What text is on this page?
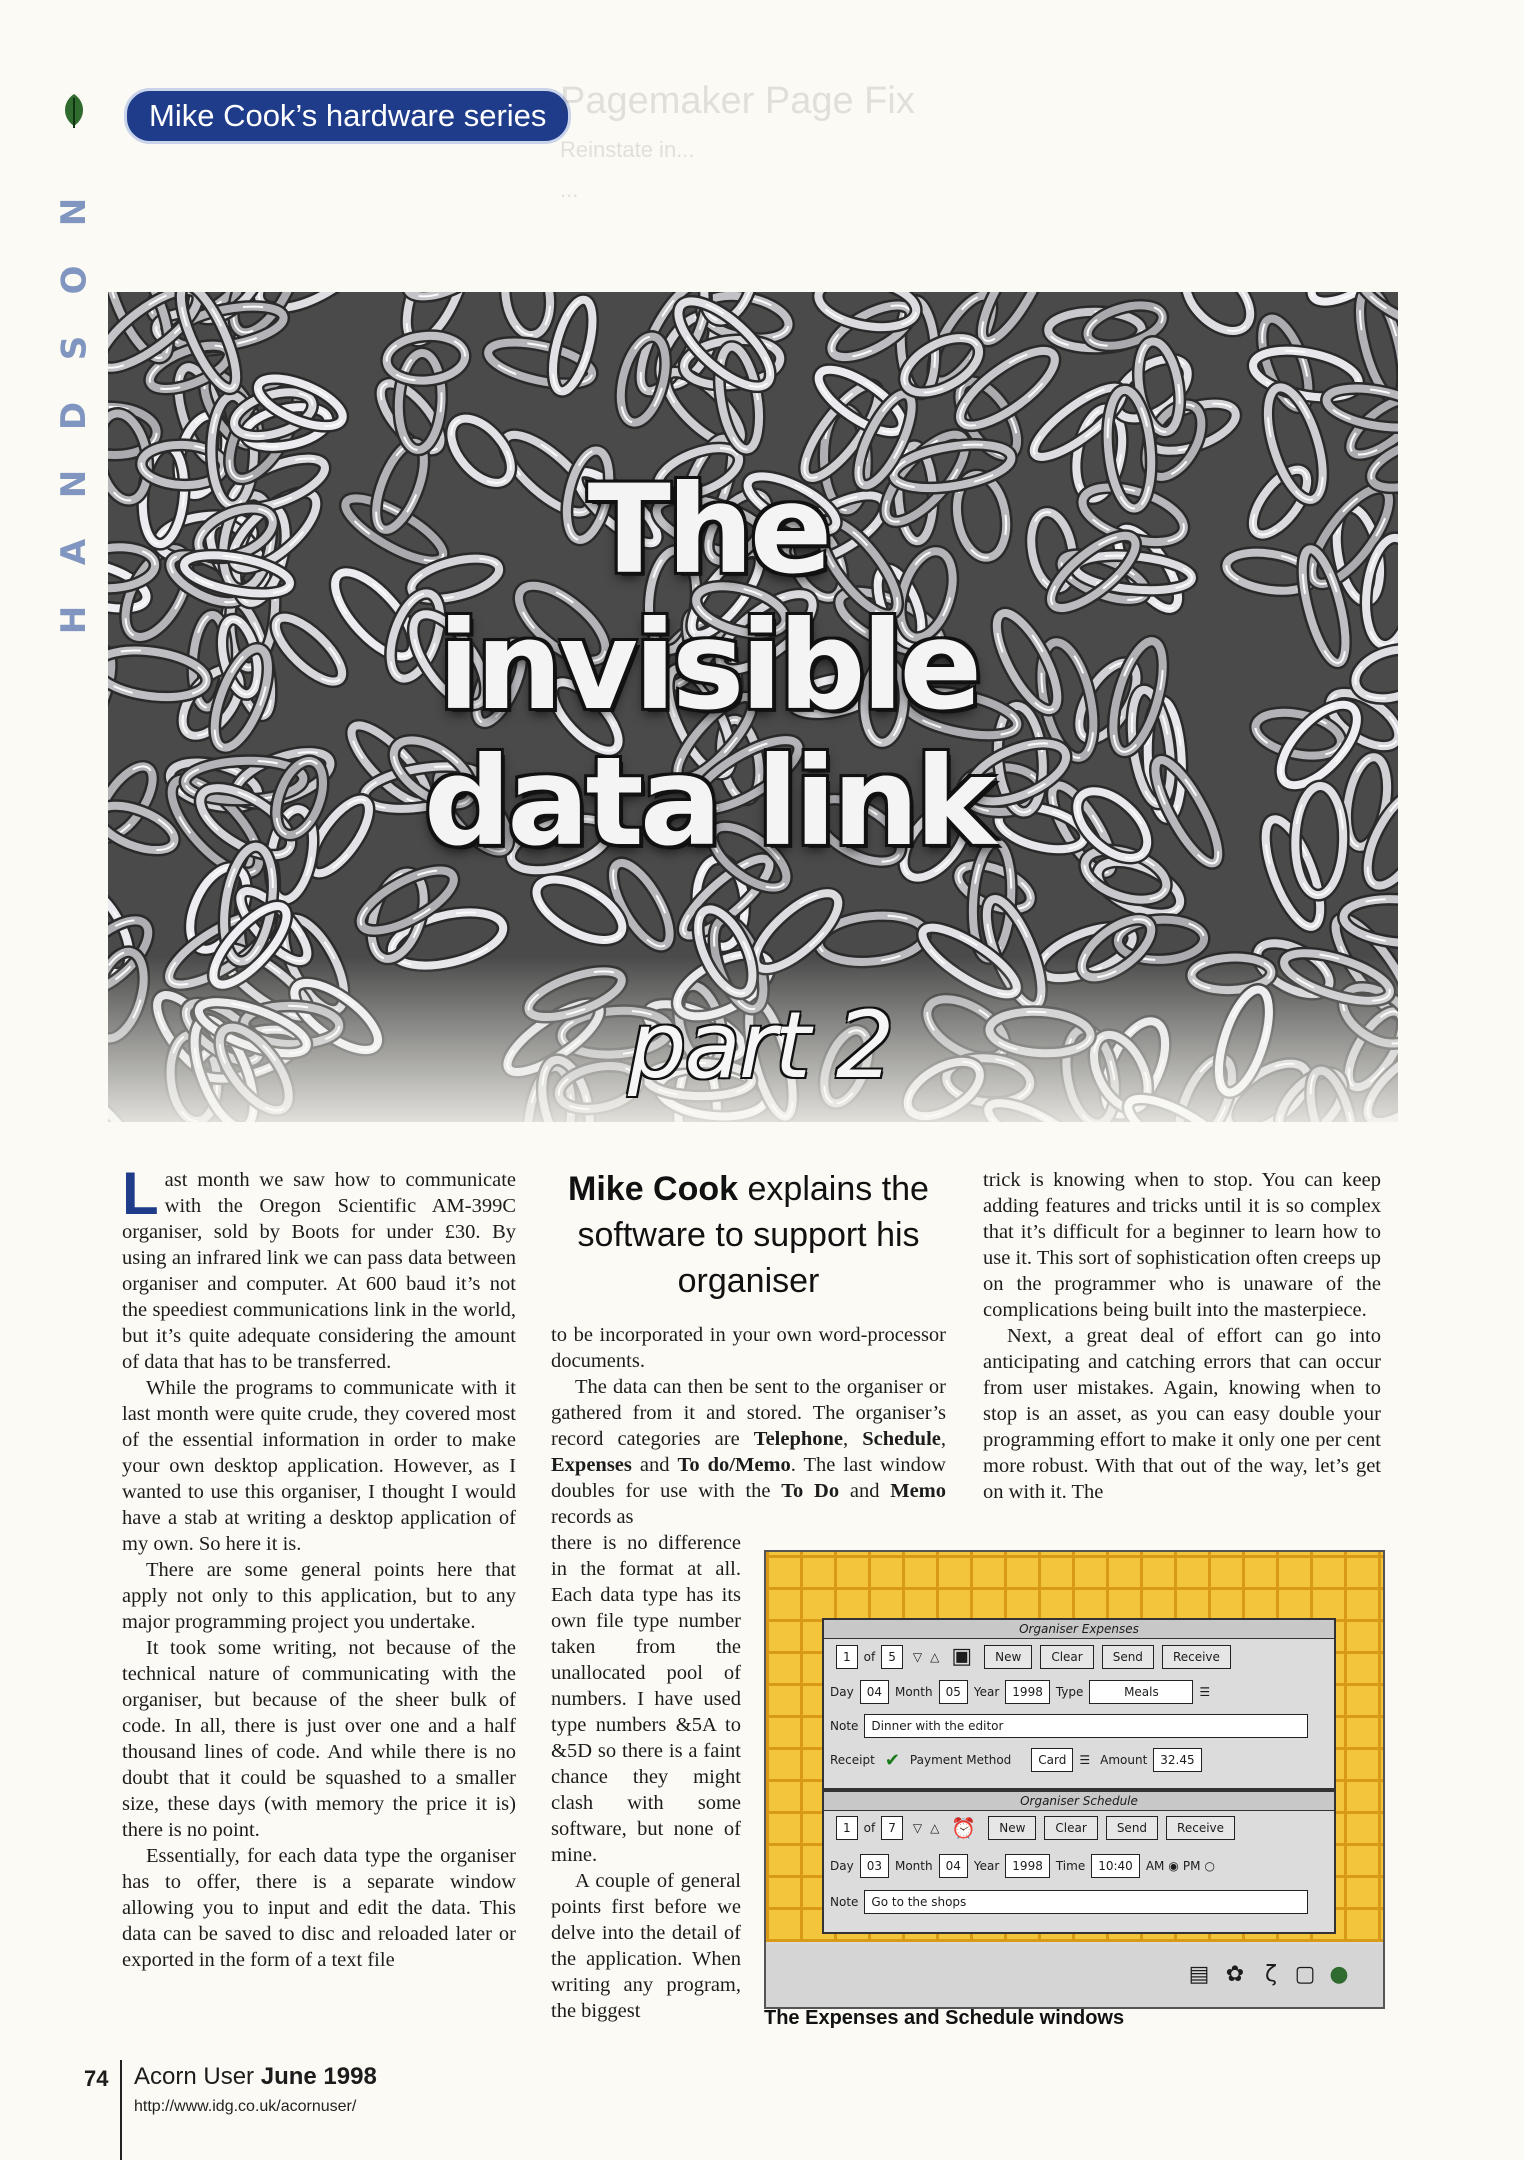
N
O
S
D
N
A
H
Mike Cook’s hardware series Pagemaker Page Fix
Reinstate in...
...
The
invisible
data link
part 2

Last month we saw how to communicate with the Oregon Scientific AM-399C organiser, sold by Boots for under £30. By using an infrared link we can pass data between organiser and computer. At 600 baud it’s not the speediest communications link in the world, but it’s quite adequate considering the amount of data that has to be transferred.

While the programs to communicate with it last month were quite crude, they covered most of the essential information in order to make your own desktop application. However, as I wanted to use this organiser, I thought I would have a stab at writing a desktop application of my own. So here it is.

There are some general points here that apply not only to this application, but to any major programming project you undertake.

It took some writing, not because of the technical nature of communicating with the organiser, but because of the sheer bulk of code. In all, there is just over one and a half thousand lines of code. And while there is no doubt that it could be squashed to a smaller size, these days (with memory the price it is) there is no point.

Essentially, for each data type the organiser has to offer, there is a separate window allowing you to input and edit the data. This data can be saved to disc and reloaded later or exported in the form of a text file

Mike Cook explains the software to support his organiser

to be incorporated in your own word-processor documents.

The data can then be sent to the organiser or gathered from it and stored. The organiser’s record categories are Telephone, Schedule, Expenses and To do/Memo. The last window doubles for use with the To Do and Memo records as

there is no difference in the format at all. Each data type has its own file type number taken from the unallocated pool of numbers. I have used type numbers &5A to &5D so there is a faint chance they might clash with some software, but none of mine.

A couple of general points first before we delve into the detail of the application. When writing any program, the biggest

trick is knowing when to stop. You can keep adding features and tricks until it is so complex that it’s difficult for a beginner to learn how to use it. This sort of sophistication often creeps up on the programmer who is unaware of the complications being built into the masterpiece.

Next, a great deal of effort can go into anticipating and catching errors that can occur from user mistakes. Again, knowing when to stop is an asset, as you can easy double your programming effort to make it only one per cent more robust. With that out of the way, let’s get on with it. The

Organiser Expenses
1	of	5	▽ △ ▣	New	Clear	Send	Receive
Day	04	Month	05	Year	1998	Type	Meals	☰
Note	Dinner with the editor
Receipt ✔ Payment Method	Card	☰ Amount	32.45
Organiser Schedule
1	of	7	▽ △ ⏰	New	Clear	Send	Receive
Day	03	Month	04	Year	1998	Time	10:40	AM ◉ PM ○
Note	Go to the shops
▤ ✿ ζ ▢ ●
The Expenses and Schedule windows
74 Acorn User June 1998
http://www.idg.co.uk/acornuser/
